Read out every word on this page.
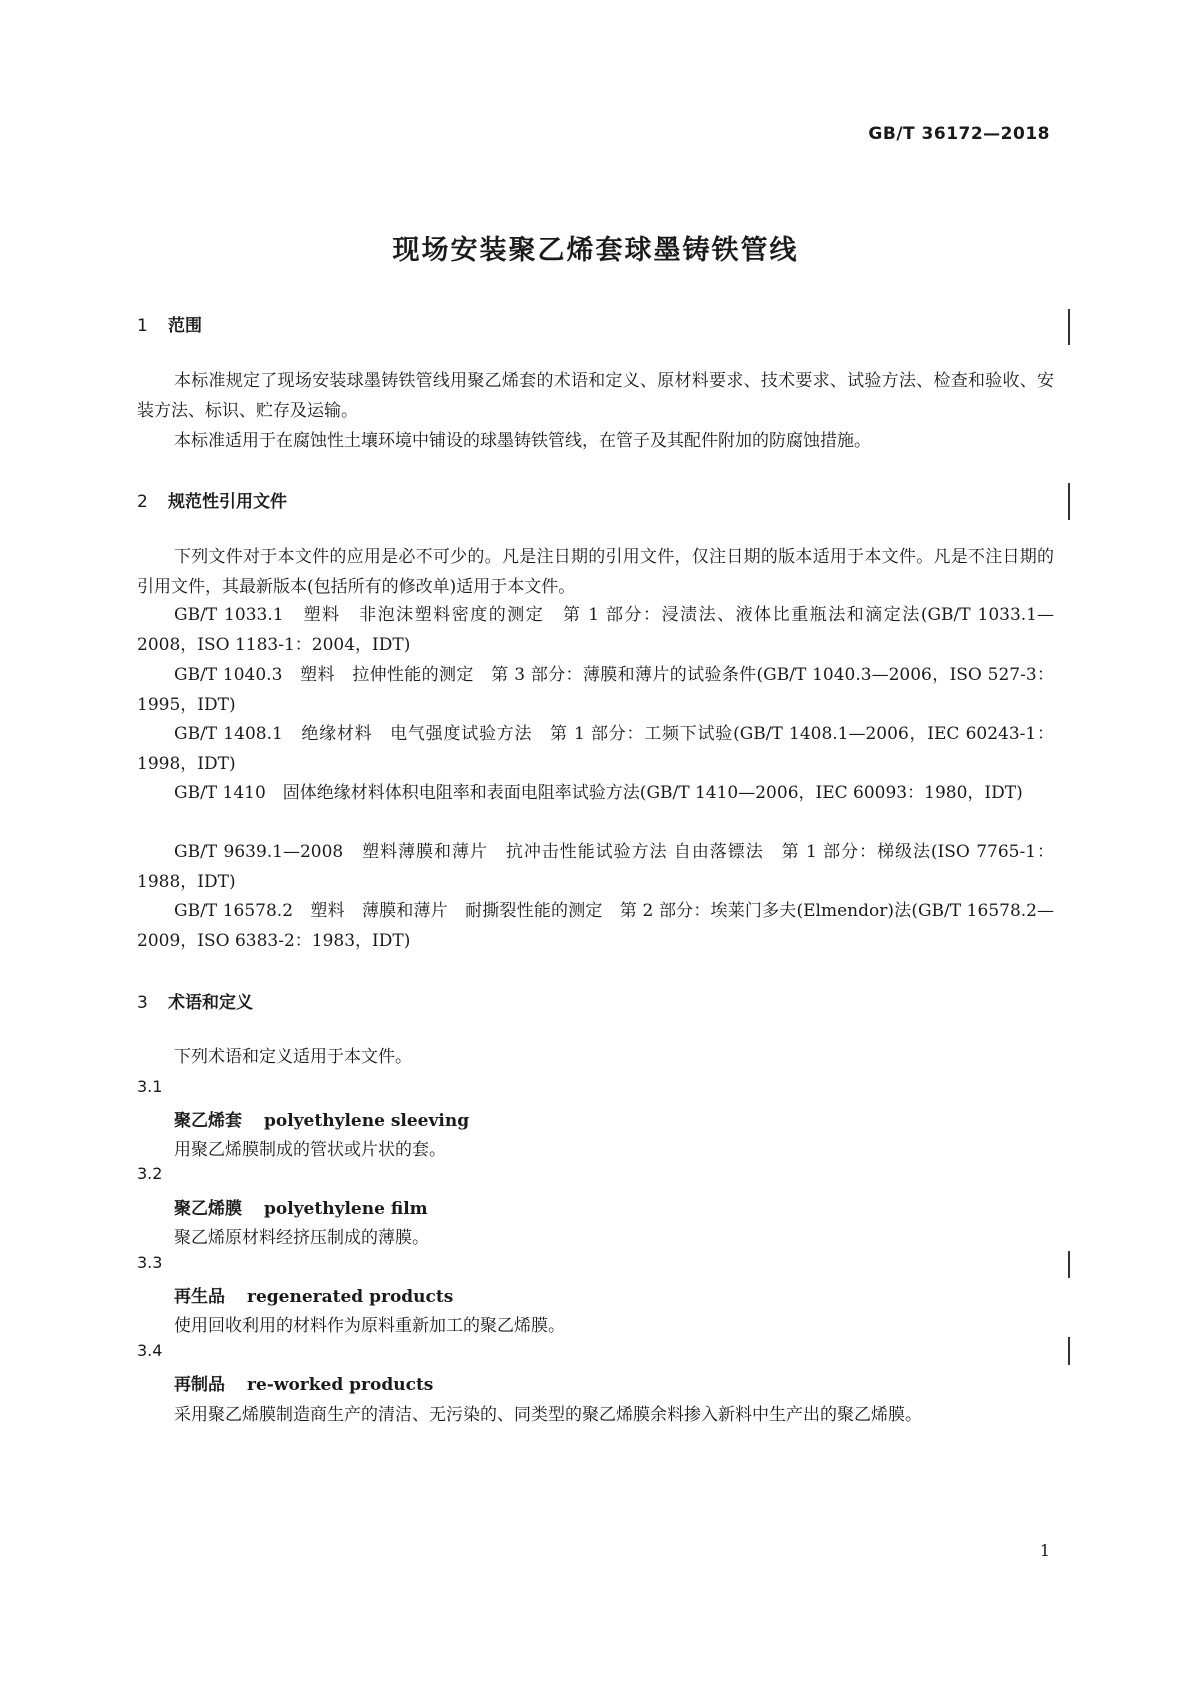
GB/T 36172—2018
现场安装聚乙烯套球墨铸铁管线
1 范围
本标准规定了现场安装球墨铸铁管线用聚乙烯套的术语和定义、原材料要求、技术要求、试验方法、检查和验收、安装方法、标识、贮存及运输。
本标准适用于在腐蚀性土壤环境中铺设的球墨铸铁管线，在管子及其配件附加的防腐蚀措施。
2 规范性引用文件
下列文件对于本文件的应用是必不可少的。凡是注日期的引用文件，仅注日期的版本适用于本文件。凡是不注日期的引用文件，其最新版本(包括所有的修改单)适用于本文件。
GB/T 1033.1　塑料　非泡沫塑料密度的测定　第 1 部分：浸渍法、液体比重瓶法和滴定法(GB/T 1033.1—2008，ISO 1183-1：2004，IDT)
GB/T 1040.3　塑料　拉伸性能的测定　第 3 部分：薄膜和薄片的试验条件(GB/T 1040.3—2006，ISO 527-3：1995，IDT)
GB/T 1408.1　绝缘材料　电气强度试验方法　第 1 部分：工频下试验(GB/T 1408.1—2006，IEC 60243-1：1998，IDT)
GB/T 1410　固体绝缘材料体积电阻率和表面电阻率试验方法(GB/T 1410—2006，IEC 60093：1980，IDT)
GB/T 9639.1—2008　塑料薄膜和薄片　抗冲击性能试验方法 自由落镖法　第 1 部分：梯级法(ISO 7765-1：1988，IDT)
GB/T 16578.2　塑料　薄膜和薄片　耐撕裂性能的测定　第 2 部分：埃莱门多夫(Elmendor)法(GB/T 16578.2—2009，ISO 6383-2：1983，IDT)
3 术语和定义
下列术语和定义适用于本文件。
3.1
聚乙烯套 polyethylene sleeving
用聚乙烯膜制成的管状或片状的套。
3.2
聚乙烯膜 polyethylene film
聚乙烯原材料经挤压制成的薄膜。
3.3
再生品 regenerated products
使用回收利用的材料作为原料重新加工的聚乙烯膜。
3.4
再制品 re-worked products
采用聚乙烯膜制造商生产的清洁、无污染的、同类型的聚乙烯膜余料掺入新料中生产出的聚乙烯膜。
1
